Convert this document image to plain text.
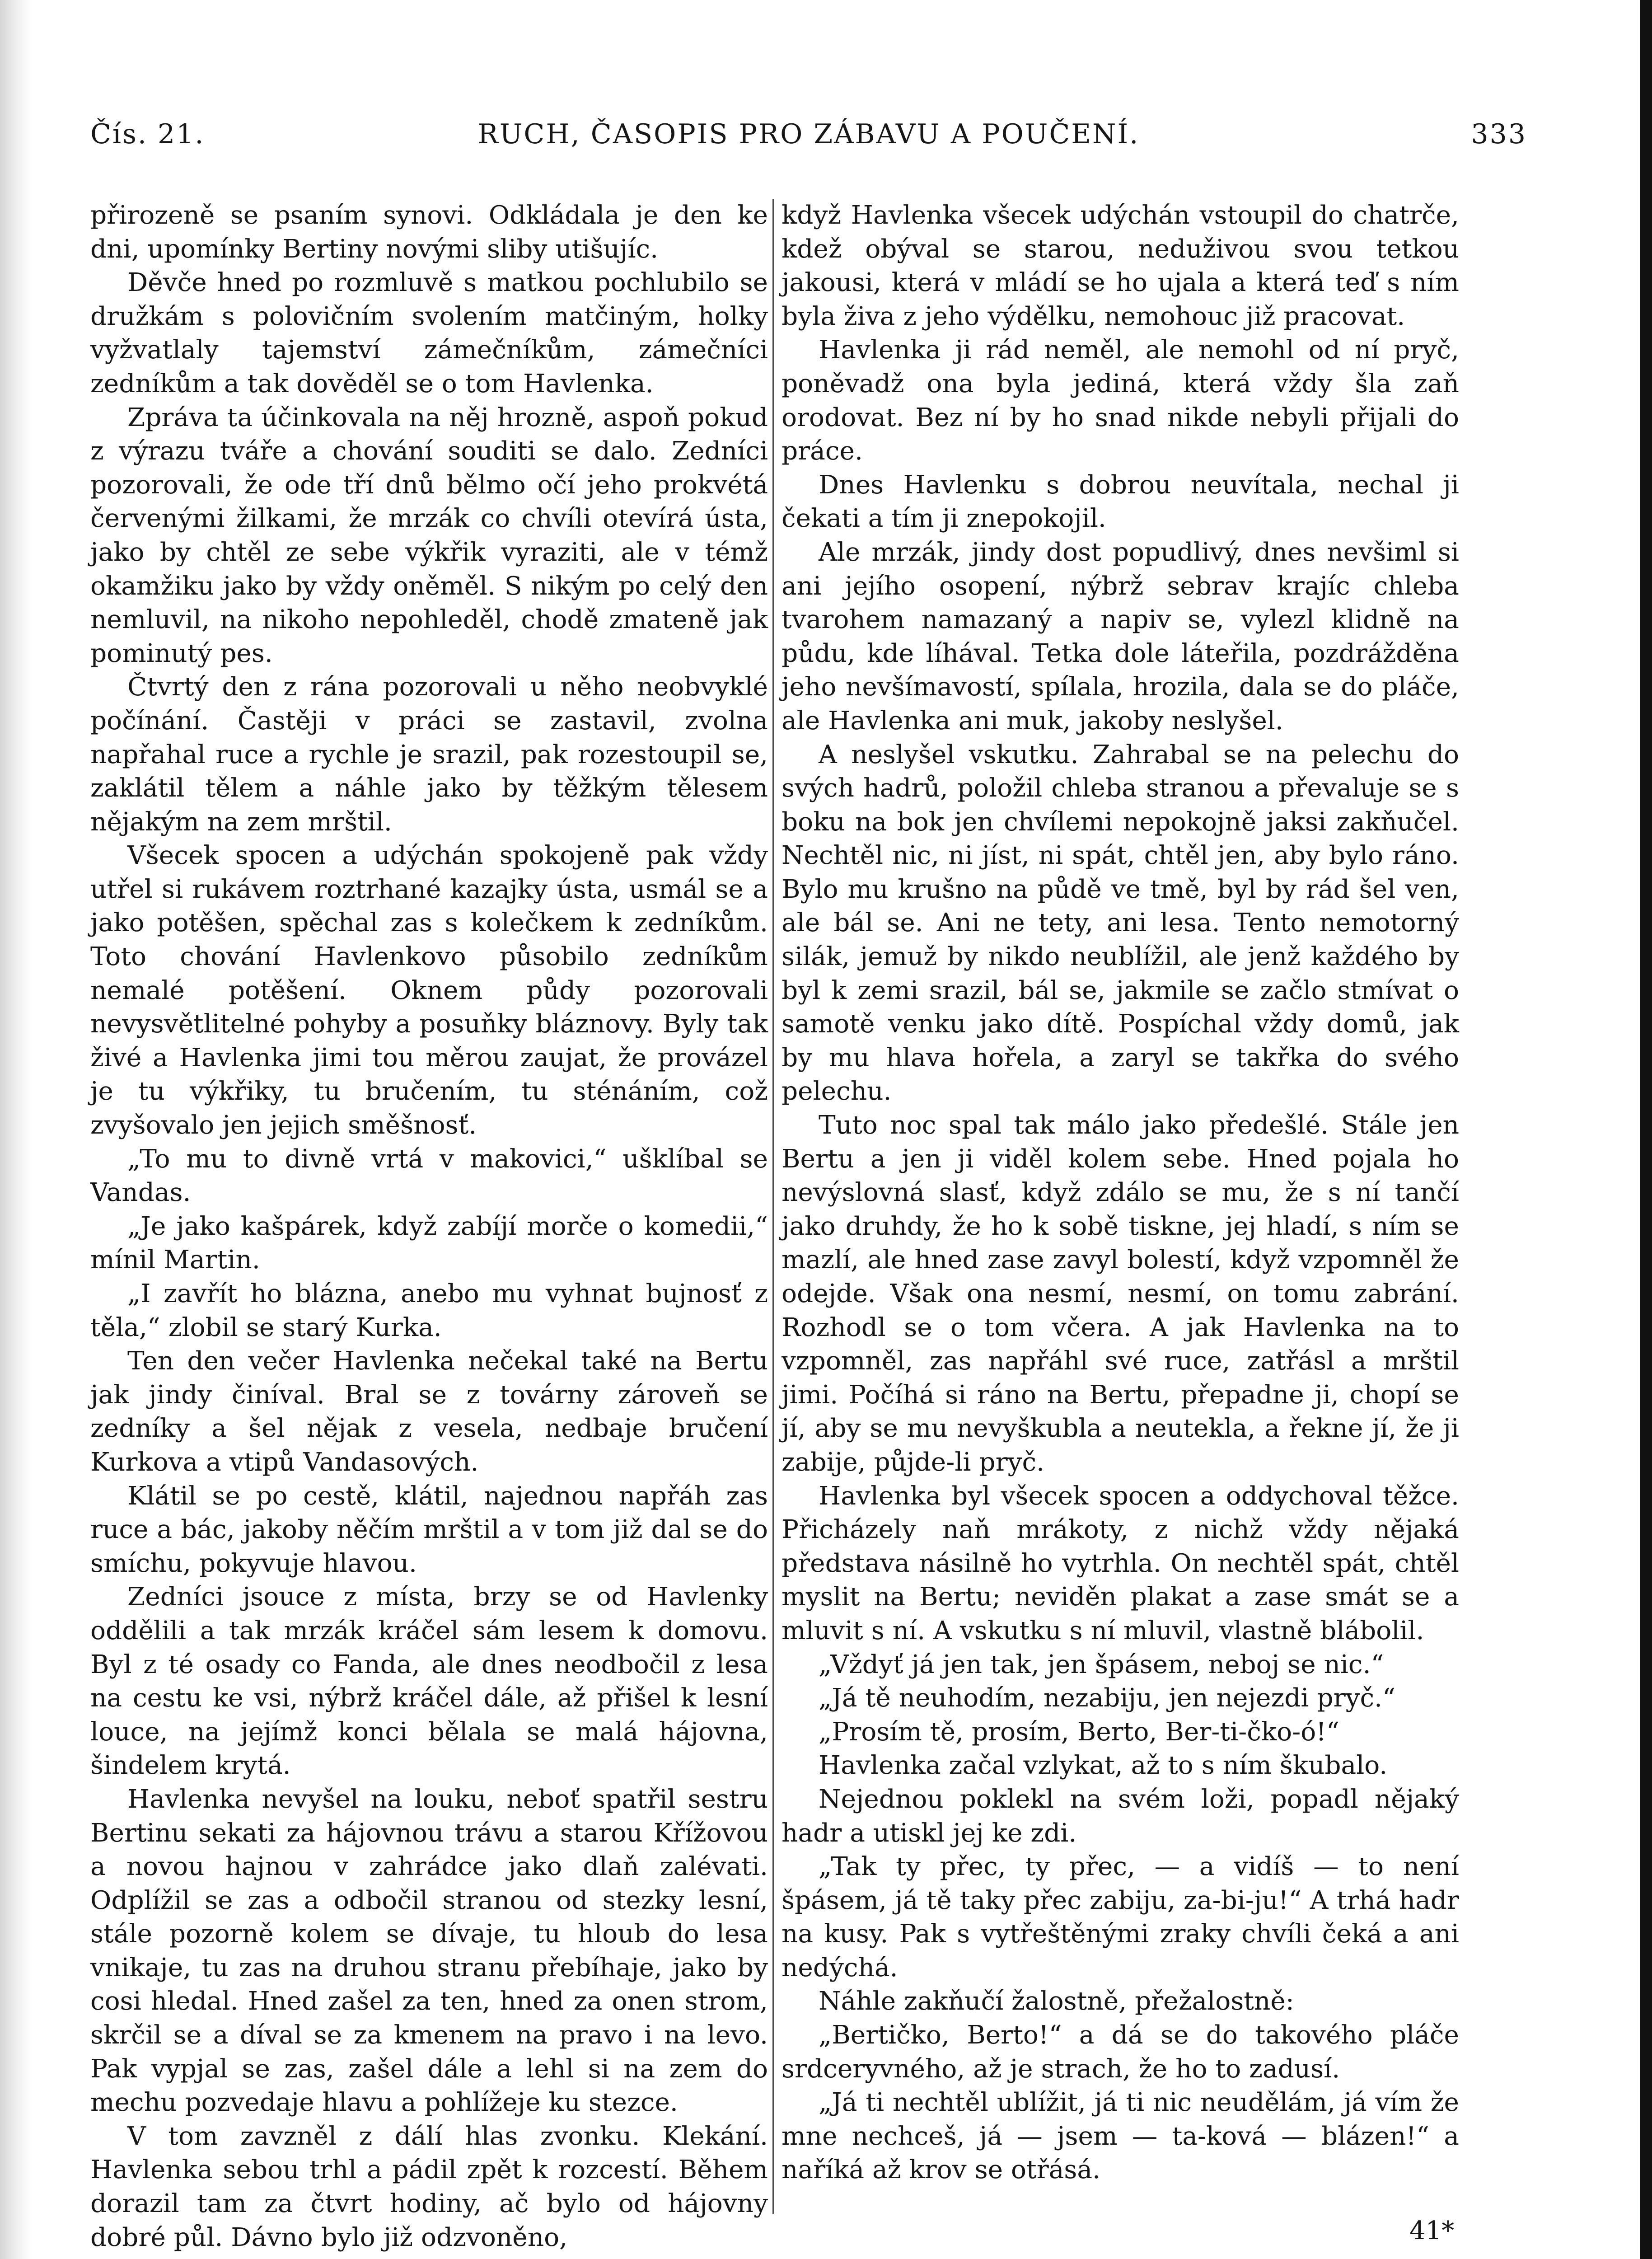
Čís. 21.	RUCH, ČASOPIS PRO ZÁBAVU A POUČENÍ.	333

přirozeně se psaním synovi. Odkládala je den ke dni, upomínky Bertiny novými sliby utišujíc.

Děvče hned po rozmluvě s matkou pochlubilo se družkám s polovičním svolením matčiným, holky vyžvatlaly tajemství zámečníkům, zámečníci zedníkům a tak dověděl se o tom Havlenka.

Zpráva ta účinkovala na něj hrozně, aspoň pokud z výrazu tváře a chování souditi se dalo. Zedníci pozorovali, že ode tří dnů bělmo očí jeho prokvétá červenými žilkami, že mrzák co chvíli otevírá ústa, jako by chtěl ze sebe výkřik vyraziti, ale v témž okamžiku jako by vždy oněměl. S nikým po celý den nemluvil, na nikoho nepohleděl, chodě zmateně jak pominutý pes.

Čtvrtý den z rána pozorovali u něho neobvyklé počínání. Častěji v práci se zastavil, zvolna napřahal ruce a rychle je srazil, pak rozestoupil se, zaklátil tělem a náhle jako by těžkým tělesem nějakým na zem mrštil.

Všecek spocen a udýchán spokojeně pak vždy utřel si rukávem roztrhané kazajky ústa, usmál se a jako potěšen, spěchal zas s kolečkem k zedníkům. Toto chování Havlenkovo působilo zedníkům nemalé potěšení. Oknem půdy pozorovali nevysvětlitelné pohyby a posuňky bláznovy. Byly tak živé a Havlenka jimi tou měrou zaujat, že provázel je tu výkřiky, tu bručením, tu sténáním, což zvyšovalo jen jejich směšnosť.

„To mu to divně vrtá v makovici,“ ušklíbal se Vandas.

„Je jako kašpárek, když zabíjí morče o komedii,“ mínil Martin.

„I zavřít ho blázna, anebo mu vyhnat bujnosť z těla,“ zlobil se starý Kurka.

Ten den večer Havlenka nečekal také na Bertu jak jindy činíval. Bral se z továrny zároveň se zedníky a šel nějak z vesela, nedbaje bručení Kurkova a vtipů Vandasových.

Klátil se po cestě, klátil, najednou napřáh zas ruce a bác, jakoby něčím mrštil a v tom již dal se do smíchu, pokyvuje hlavou.

Zedníci jsouce z místa, brzy se od Havlenky oddělili a tak mrzák kráčel sám lesem k domovu. Byl z té osady co Fanda, ale dnes neodbočil z lesa na cestu ke vsi, nýbrž kráčel dále, až přišel k lesní louce, na jejímž konci bělala se malá hájovna, šindelem krytá.

Havlenka nevyšel na louku, neboť spatřil sestru Bertinu sekati za hájovnou trávu a starou Křížovou a novou hajnou v zahrádce jako dlaň zalévati. Odplížil se zas a odbočil stranou od stezky lesní, stále pozorně kolem se dívaje, tu hloub do lesa vnikaje, tu zas na druhou stranu přebíhaje, jako by cosi hledal. Hned zašel za ten, hned za onen strom, skrčil se a díval se za kmenem na pravo i na levo. Pak vypjal se zas, zašel dále a lehl si na zem do mechu pozvedaje hlavu a pohlížeje ku stezce.

V tom zavzněl z dálí hlas zvonku. Klekání. Havlenka sebou trhl a pádil zpět k rozcestí. Během dorazil tam za čtvrt hodiny, ač bylo od hájovny dobré půl. Dávno bylo již odzvoněno,

když Havlenka všecek udýchán vstoupil do chatrče, kdež obýval se starou, neduživou svou tetkou jakousi, která v mládí se ho ujala a která teď s ním byla živa z jeho výdělku, nemohouc již pracovat.

Havlenka ji rád neměl, ale nemohl od ní pryč, poněvadž ona byla jediná, která vždy šla zaň orodovat. Bez ní by ho snad nikde nebyli přijali do práce.

Dnes Havlenku s dobrou neuvítala, nechal ji čekati a tím ji znepokojil.

Ale mrzák, jindy dost popudlivý, dnes nevšiml si ani jejího osopení, nýbrž sebrav krajíc chleba tvarohem namazaný a napiv se, vylezl klidně na půdu, kde líhával. Tetka dole láteřila, pozdrážděna jeho nevšímavostí, spílala, hrozila, dala se do pláče, ale Havlenka ani muk, jakoby neslyšel.

A neslyšel vskutku. Zahrabal se na pelechu do svých hadrů, položil chleba stranou a převaluje se s boku na bok jen chvílemi nepokojně jaksi zakňučel. Nechtěl nic, ni jíst, ni spát, chtěl jen, aby bylo ráno. Bylo mu krušno na půdě ve tmě, byl by rád šel ven, ale bál se. Ani ne tety, ani lesa. Tento nemotorný silák, jemuž by nikdo neublížil, ale jenž každého by byl k zemi srazil, bál se, jakmile se začlo stmívat o samotě venku jako dítě. Pospíchal vždy domů, jak by mu hlava hořela, a zaryl se takřka do svého pelechu.

Tuto noc spal tak málo jako předešlé. Stále jen Bertu a jen ji viděl kolem sebe. Hned pojala ho nevýslovná slasť, když zdálo se mu, že s ní tančí jako druhdy, že ho k sobě tiskne, jej hladí, s ním se mazlí, ale hned zase zavyl bolestí, když vzpomněl že odejde. Však ona nesmí, nesmí, on tomu zabrání. Rozhodl se o tom včera. A jak Havlenka na to vzpomněl, zas napřáhl své ruce, zatřásl a mrštil jimi. Počíhá si ráno na Bertu, přepadne ji, chopí se jí, aby se mu nevyškubla a neutekla, a řekne jí, že ji zabije, půjde-li pryč.

Havlenka byl všecek spocen a oddychoval těžce. Přicházely naň mrákoty, z nichž vždy nějaká představa násilně ho vytrhla. On nechtěl spát, chtěl myslit na Bertu; neviděn plakat a zase smát se a mluvit s ní. A vskutku s ní mluvil, vlastně blábolil.

„Vždyť já jen tak, jen špásem, neboj se nic.“

„Já tě neuhodím, nezabiju, jen nejezdi pryč.“

„Prosím tě, prosím, Berto, Ber-ti-čko-ó!“

Havlenka začal vzlykat, až to s ním škubalo.

Nejednou poklekl na svém loži, popadl nějaký hadr a utiskl jej ke zdi.

„Tak ty přec, ty přec, — a vidíš — to není špásem, já tě taky přec zabiju, za-bi-ju!“ A trhá hadr na kusy. Pak s vytřeštěnými zraky chvíli čeká a ani nedýchá.

Náhle zakňučí žalostně, přežalostně:

„Bertičko, Berto!“ a dá se do takového pláče srdceryvného, až je strach, že ho to zadusí.

„Já ti nechtěl ublížit, já ti nic neudělám, já vím že mne nechceš, já — jsem — ta-ková — blázen!“ a naříká až krov se otřásá.

41*
